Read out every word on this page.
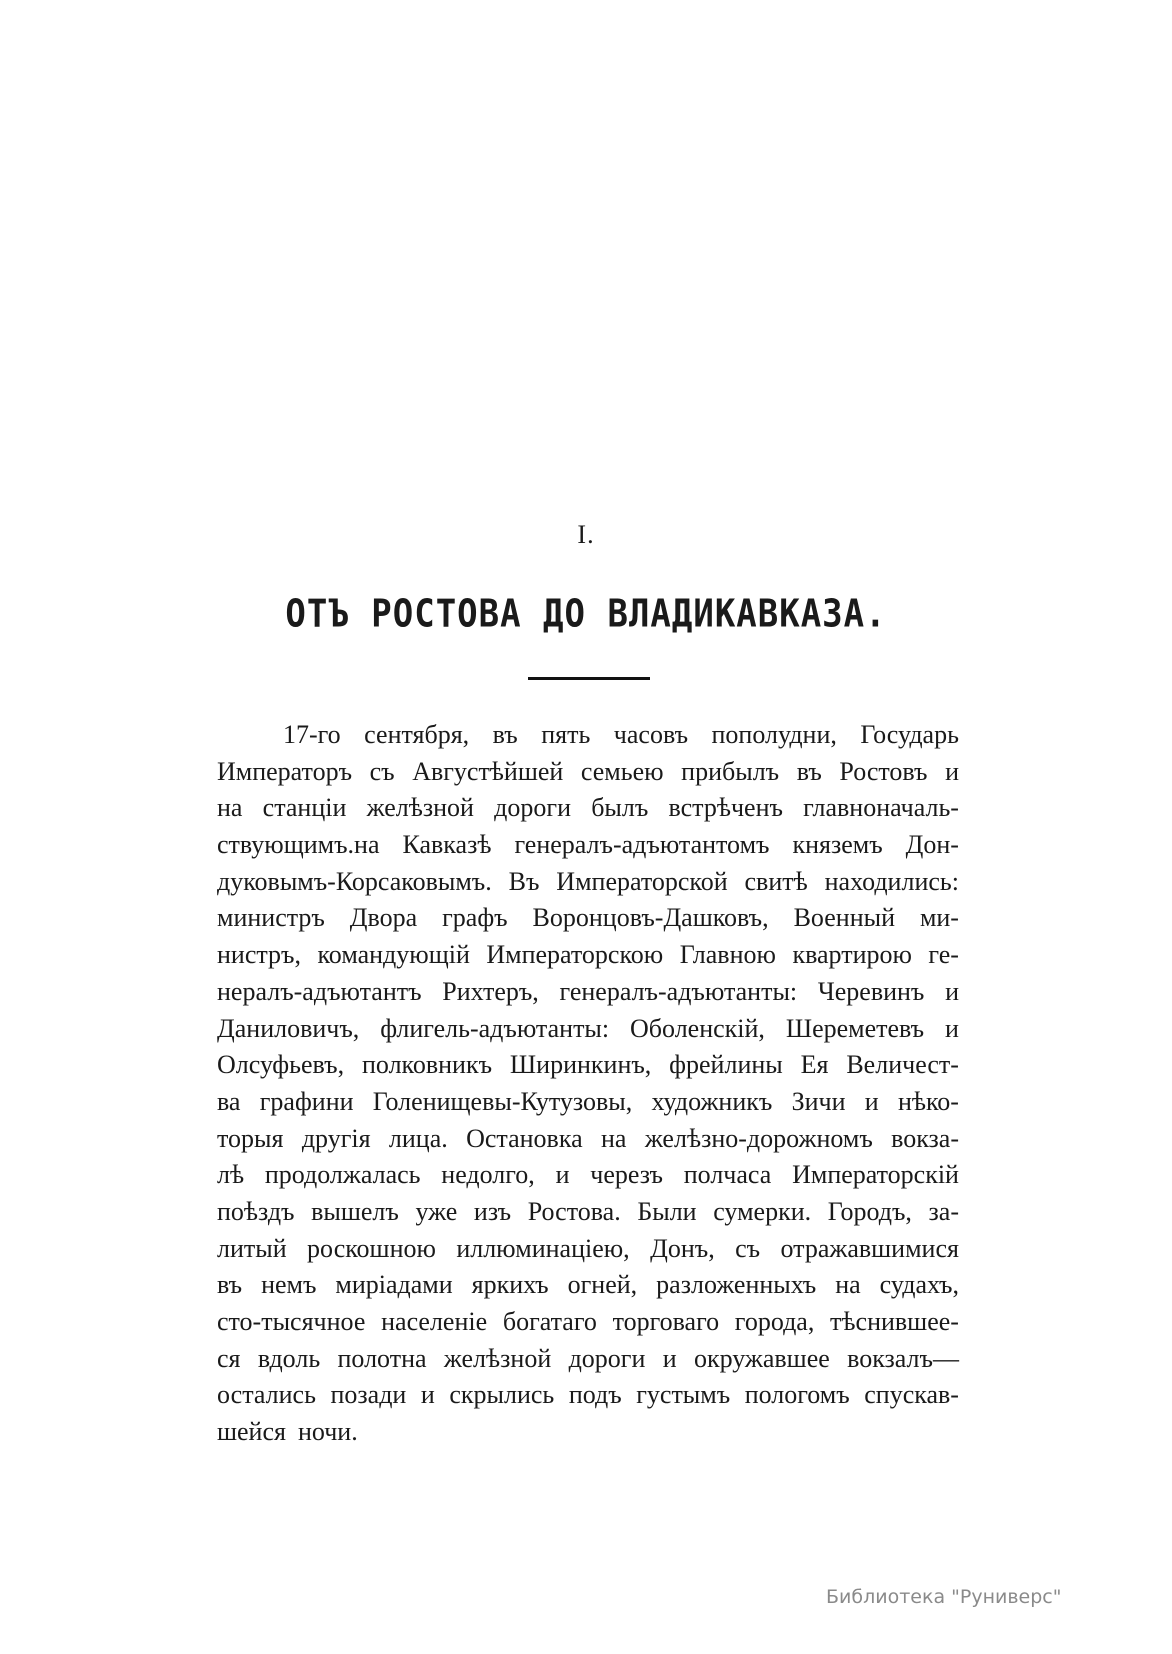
I.
ОТЪ РОСТОВА ДО ВЛАДИКАВКАЗА.
17-го сентября, въ пять часовъ пополудни, Государь
Императоръ съ Августѣйшей семьею прибылъ въ Ростовъ и
на станціи желѣзной дороги былъ встрѣченъ главноначаль-
ствующимъ.на Кавказѣ генералъ-адъютантомъ княземъ Дон-
дуковымъ-Корсаковымъ. Въ Императорской свитѣ находились:
министръ Двора графъ Воронцовъ-Дашковъ, Военный ми-
нистръ, командующій Императорскою Главною квартирою ге-
нералъ-адъютантъ Рихтеръ, генералъ-адъютанты: Черевинъ и
Даниловичъ, флигель-адъютанты: Оболенскій, Шереметевъ и
Олсуфьевъ, полковникъ Ширинкинъ, фрейлины Ея Величест-
ва графини Голенищевы-Кутузовы, художникъ Зичи и нѣко-
торыя другія лица. Остановка на желѣзно-дорожномъ вокза-
лѣ продолжалась недолго, и черезъ полчаса Императорскій
поѣздъ вышелъ уже изъ Ростова. Были сумерки. Городъ, за-
литый роскошною иллюминаціею, Донъ, съ отражавшимися
въ немъ миріадами яркихъ огней, разложенныхъ на судахъ,
сто-тысячное населеніе богатаго торговаго города, тѣснившее-
ся вдоль полотна желѣзной дороги и окружавшее вокзалъ—
остались позади и скрылись подъ густымъ пологомъ спускав-
шейся ночи.
Библиотека "Руниверс"
